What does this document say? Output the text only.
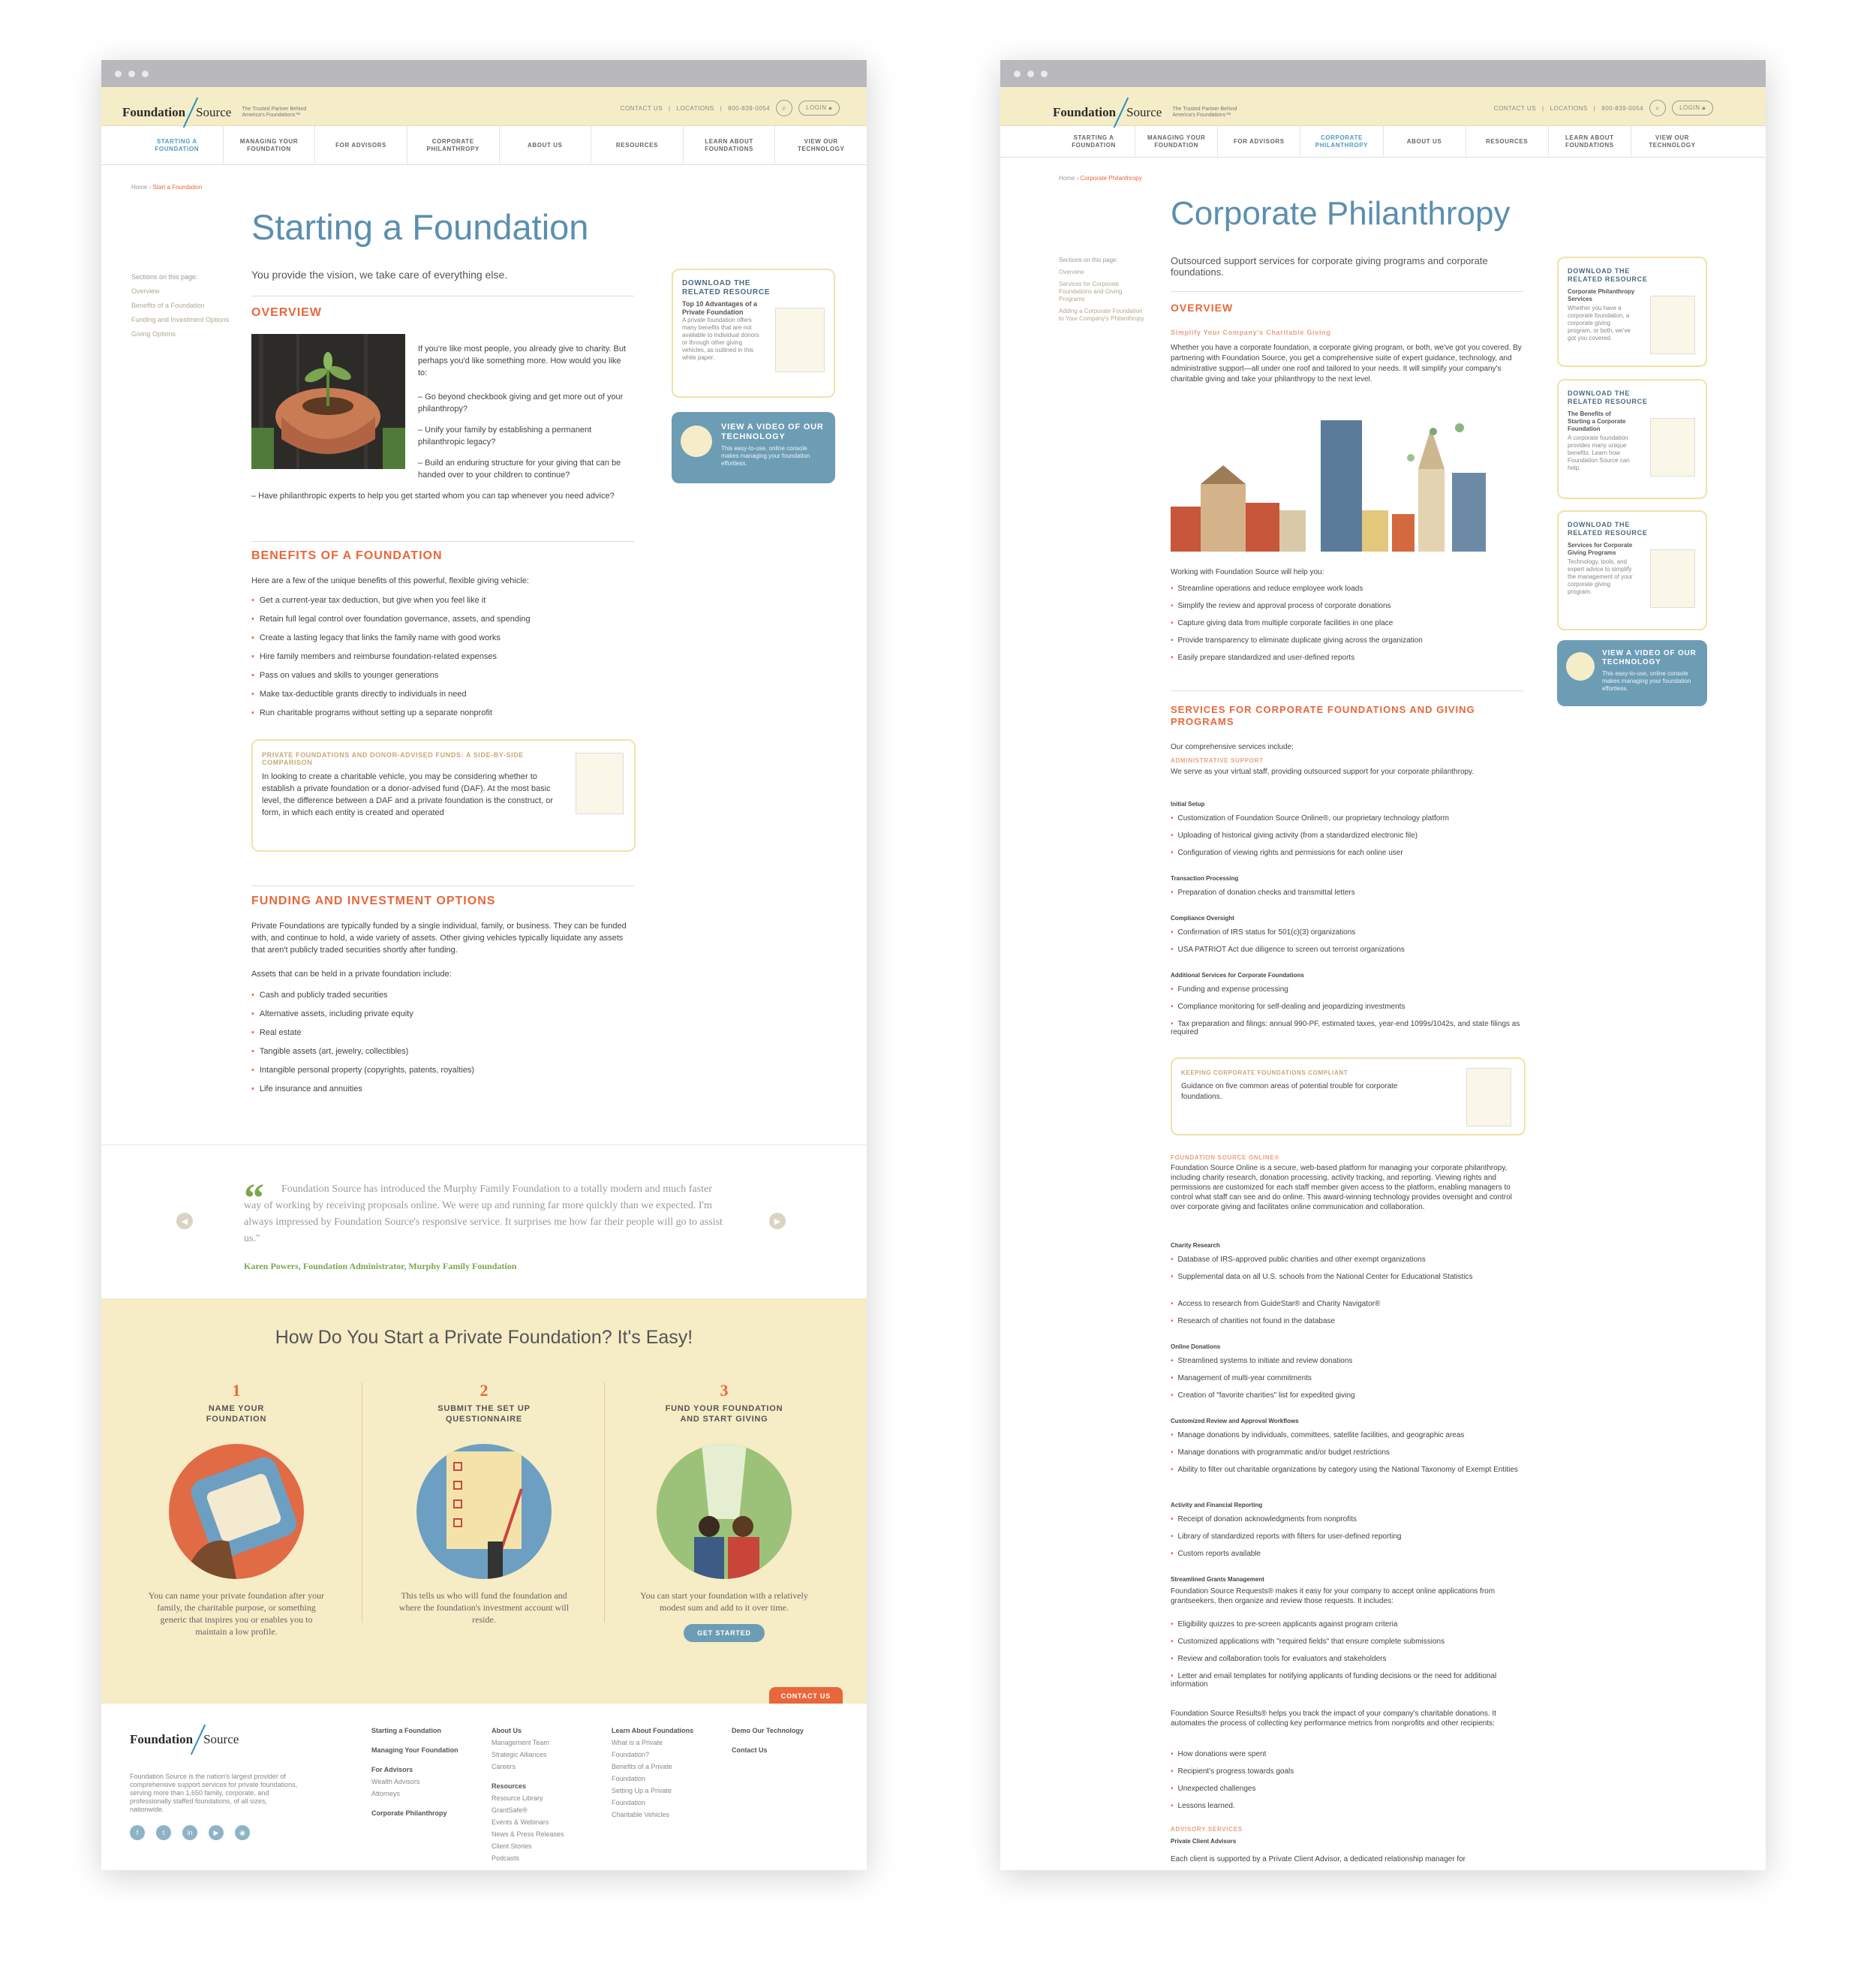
Foundation Source The Trusted Partner Behind America's Foundations™
CONTACT US | LOCATIONS | 800-839-0054	⌕	LOGIN 🔒︎
STARTING A FOUNDATION
MANAGING YOUR FOUNDATION
FOR ADVISORS
CORPORATE PHILANTHROPY
ABOUT US	RESOURCES
LEARN ABOUT FOUNDATIONS
VIEW OUR TECHNOLOGY
Home › Start a Foundation
Starting a Foundation
You provide the vision, we take care of everything else.
Sections on this page:
Overview
Benefits of a Foundation
Funding and Investment Options
Giving Options
OVERVIEW
If you're like most people, you already give to charity. But perhaps you'd like something more. How would you like to:
– Go beyond checkbook giving and get more out of your philanthropy?
– Unify your family by establishing a permanent philanthropic legacy?
– Build an enduring structure for your giving that can be handed over to your children to continue?
– Have philanthropic experts to help you get started whom you can tap whenever you need advice?
BENEFITS OF A FOUNDATION
Here are a few of the unique benefits of this powerful, flexible giving vehicle:
• Get a current-year tax deduction, but give when you feel like it
• Retain full legal control over foundation governance, assets, and spending
• Create a lasting legacy that links the family name with good works
• Hire family members and reimburse foundation-related expenses
• Pass on values and skills to younger generations
• Make tax-deductible grants directly to individuals in need
• Run charitable programs without setting up a separate nonprofit
PRIVATE FOUNDATIONS AND DONOR-ADVISED FUNDS: A SIDE-BY-SIDE COMPARISON
In looking to create a charitable vehicle, you may be considering whether to establish a private foundation or a donor-advised fund (DAF). At the most basic level, the difference between a DAF and a private foundation is the construct, or form, in which each entity is created and operated
FUNDING AND INVESTMENT OPTIONS
Private Foundations are typically funded by a single individual, family, or business. They can be funded with, and continue to hold, a wide variety of assets. Other giving vehicles typically liquidate any assets that aren't publicly traded securities shortly after funding.
Assets that can be held in a private foundation include:
• Cash and publicly traded securities
• Alternative assets, including private equity
• Real estate
• Tangible assets (art, jewelry, collectibles)
• Intangible personal property (copyrights, patents, royalties)
• Life insurance and annuities
DOWNLOAD THE RELATED RESOURCE
Top 10 Advantages of a Private Foundation
A private foundation offers many benefits that are not available to individual donors or through other giving vehicles, as outlined in this white paper.
VIEW A VIDEO OF OUR TECHNOLOGY
This easy-to-use, online console makes managing your foundation effortless.
◀
“	Foundation Source has introduced the Murphy Family Foundation to a totally modern and much faster way of working by receiving proposals online. We were up and running far more quickly than we expected. I'm always impressed by Foundation Source's responsive service. It surprises me how far their people will go to assist us."
Karen Powers, Foundation Administrator, Murphy Family Foundation
▶
How Do You Start a Private Foundation? It's Easy!
1
NAME YOUR FOUNDATION
You can name your private foundation after your family, the charitable purpose, or something generic that inspires you or enables you to maintain a low profile.
2
SUBMIT THE SET UP QUESTIONNAIRE
This tells us who will fund the foundation and where the foundation's investment account will reside.
3
FUND YOUR FOUNDATION AND START GIVING
You can start your foundation with a relatively modest sum and add to it over time.
GET STARTED
CONTACT US
Foundation Source
Foundation Source is the nation's largest provider of comprehensive support services for private foundations, serving more than 1,650 family, corporate, and professionally staffed foundations, of all sizes, nationwide.
f	t	in	▶	◉
Starting a Foundation
Managing Your Foundation
For Advisors
Wealth Advisors
Attorneys
Corporate Philanthropy
About Us
Management Team
Strategic Alliances
Careers
Resources
Resource Library
GrantSafe®
Events & Webinars
News & Press Releases
Client Stories
Podcasts
Learn About Foundations
What is a Private
Foundation?
Benefits of a Private
Foundation
Setting Up a Private
Foundation
Charitable Vehicles
Demo Our Technology
Contact Us
Foundation Source The Trusted Partner Behind America's Foundations™
CONTACT US | LOCATIONS | 800-839-0054	⌕	LOGIN 🔒︎
STARTING A FOUNDATION
MANAGING YOUR FOUNDATION
FOR ADVISORS
CORPORATE PHILANTHROPY
ABOUT US	RESOURCES
LEARN ABOUT FOUNDATIONS
VIEW OUR TECHNOLOGY
Home › Corporate Philanthropy
Corporate Philanthropy
Outsourced support services for corporate giving programs and corporate foundations.
Sections on this page:
Overview
Services for Corporate Foundations and Giving Programs
Adding a Corporate Foundation to Your Company's Philanthropy
OVERVIEW
Simplify Your Company's Charitable Giving
Whether you have a corporate foundation, a corporate giving program, or both, we've got you covered. By partnering with Foundation Source, you get a comprehensive suite of expert guidance, technology, and administrative support—all under one roof and tailored to your needs. It will simplify your company's charitable giving and take your philanthropy to the next level.
Working with Foundation Source will help you:
• Streamline operations and reduce employee work loads
• Simplify the review and approval process of corporate donations
• Capture giving data from multiple corporate facilities in one place
• Provide transparency to eliminate duplicate giving across the organization
• Easily prepare standardized and user-defined reports
SERVICES FOR CORPORATE FOUNDATIONS AND GIVING PROGRAMS
Our comprehensive services include:
ADMINISTRATIVE SUPPORT
We serve as your virtual staff, providing outsourced support for your corporate philanthropy.
Initial Setup
• Customization of Foundation Source Online®, our proprietary technology platform
• Uploading of historical giving activity (from a standardized electronic file)
• Configuration of viewing rights and permissions for each online user
Transaction Processing
• Preparation of donation checks and transmittal letters
Compliance Oversight
• Confirmation of IRS status for 501(c)(3) organizations
• USA PATRIOT Act due diligence to screen out terrorist organizations
Additional Services for Corporate Foundations
• Funding and expense processing
• Compliance monitoring for self-dealing and jeopardizing investments
• Tax preparation and filings: annual 990-PF, estimated taxes, year-end 1099s/1042s, and state filings as required
KEEPING CORPORATE FOUNDATIONS COMPLIANT
Guidance on five common areas of potential trouble for corporate foundations.
FOUNDATION SOURCE ONLINE®
Foundation Source Online is a secure, web-based platform for managing your corporate philanthropy, including charity research, donation processing, activity tracking, and reporting. Viewing rights and permissions are customized for each staff member given access to the platform, enabling managers to control what staff can see and do online. This award-winning technology provides oversight and control over corporate giving and facilitates online communication and collaboration.
Charity Research
• Database of IRS-approved public charities and other exempt organizations
• Supplemental data on all U.S. schools from the National Center for Educational Statistics
• Access to research from GuideStar® and Charity Navigator®
• Research of charities not found in the database
Online Donations
• Streamlined systems to initiate and review donations
• Management of multi-year commitments
• Creation of "favorite charities" list for expedited giving
Customized Review and Approval Workflows
• Manage donations by individuals, committees, satellite facilities, and geographic areas
• Manage donations with programmatic and/or budget restrictions
• Ability to filter out charitable organizations by category using the National Taxonomy of Exempt Entities
Activity and Financial Reporting
• Receipt of donation acknowledgments from nonprofits
• Library of standardized reports with filters for user-defined reporting
• Custom reports available
Streamlined Grants Management
Foundation Source Requests® makes it easy for your company to accept online applications from grantseekers, then organize and review those requests. It includes:
• Eligibility quizzes to pre-screen applicants against program criteria
• Customized applications with "required fields" that ensure complete submissions
• Review and collaboration tools for evaluators and stakeholders
• Letter and email templates for notifying applicants of funding decisions or the need for additional information
Foundation Source Results® helps you track the impact of your company's charitable donations. It automates the process of collecting key performance metrics from nonprofits and other recipients:
• How donations were spent
• Recipient's progress towards goals
• Unexpected challenges
• Lessons learned.
ADVISORY SERVICES
Private Client Advisors
Each client is supported by a Private Client Advisor, a dedicated relationship manager for
DOWNLOAD THE RELATED RESOURCE
Corporate Philanthropy Services
Whether you have a corporate foundation, a corporate giving program, or both, we've got you covered.
DOWNLOAD THE RELATED RESOURCE
The Benefits of Starting a Corporate Foundation
A corporate foundation provides many unique benefits. Learn how Foundation Source can help.
DOWNLOAD THE RELATED RESOURCE
Services for Corporate Giving Programs
Technology, tools, and expert advice to simplify the management of your corporate giving program.
VIEW A VIDEO OF OUR TECHNOLOGY
This easy-to-use, online console makes managing your foundation effortless.
